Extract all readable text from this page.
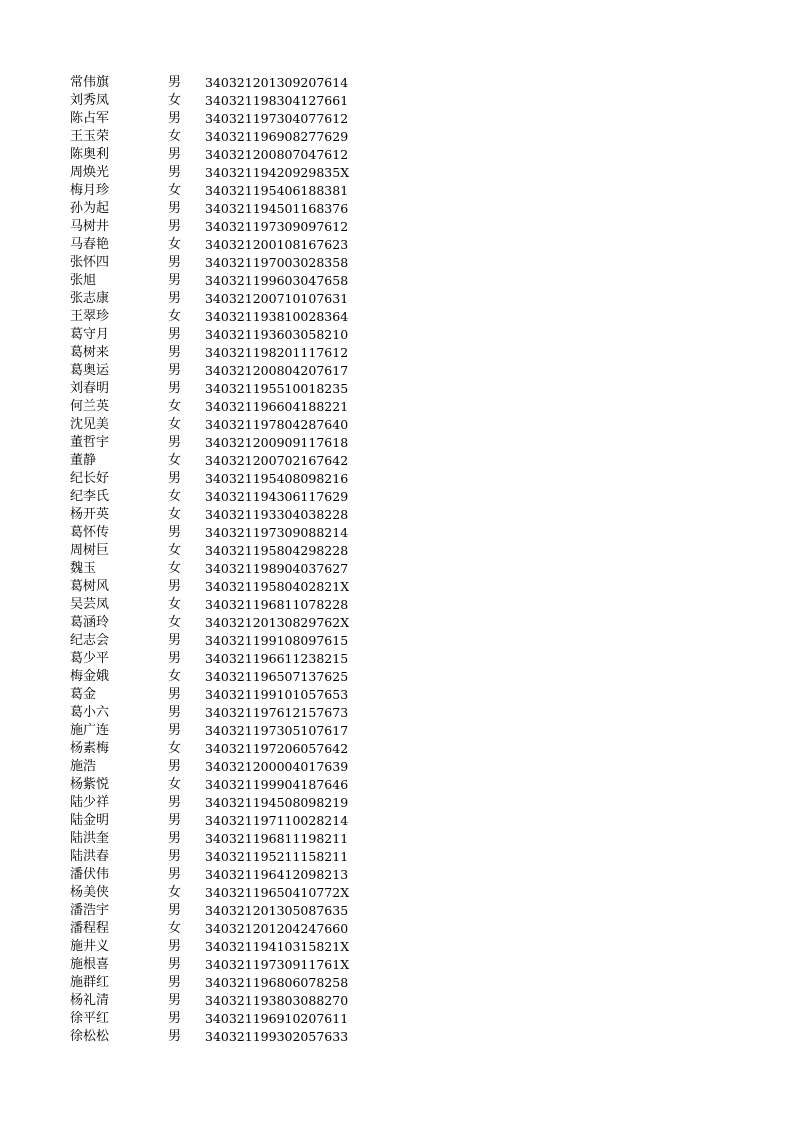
常伟旗	男 340321201309207614
刘秀凤	女 340321198304127661
陈占军	男 340321197304077612
王玉荣	女 340321196908277629
陈奥利	男 340321200807047612
周焕光	男 34032119420929835X
梅月珍	女 340321195406188381
孙为起	男 340321194501168376
马树井	男 340321197309097612
马春艳	女 340321200108167623
张怀四	男 340321197003028358
张旭	男 340321199603047658
张志康	男 340321200710107631
王翠珍	女 340321193810028364
葛守月	男 340321193603058210
葛树来	男 340321198201117612
葛奥运	男 340321200804207617
刘春明	男 340321195510018235
何兰英	女 340321196604188221
沈见美	女 340321197804287640
董哲宇	男 340321200909117618
董静	女 340321200702167642
纪长好	男 340321195408098216
纪李氏	女 340321194306117629
杨开英	女 340321193304038228
葛怀传	男 340321197309088214
周树巨	女 340321195804298228
魏玉	女 340321198904037627
葛树风	男 34032119580402821X
吴芸凤	女 340321196811078228
葛涵玲	女 34032120130829762X
纪志会	男 340321199108097615
葛少平	男 340321196611238215
梅金娥	女 340321196507137625
葛金	男 340321199101057653
葛小六	男 340321197612157673
施广连	男 340321197305107617
杨素梅	女 340321197206057642
施浩	男 340321200004017639
杨紫悦	女 340321199904187646
陆少祥	男 340321194508098219
陆金明	男 340321197110028214
陆洪奎	男 340321196811198211
陆洪春	男 340321195211158211
潘伏伟	男 340321196412098213
杨美侠	女 34032119650410772X
潘浩宇	男 340321201305087635
潘程程	女 340321201204247660
施井义	男 34032119410315821X
施根喜	男 34032119730911761X
施群红	男 340321196806078258
杨礼清	男 340321193803088270
徐平红	男 340321196910207611
徐松松	男 340321199302057633
